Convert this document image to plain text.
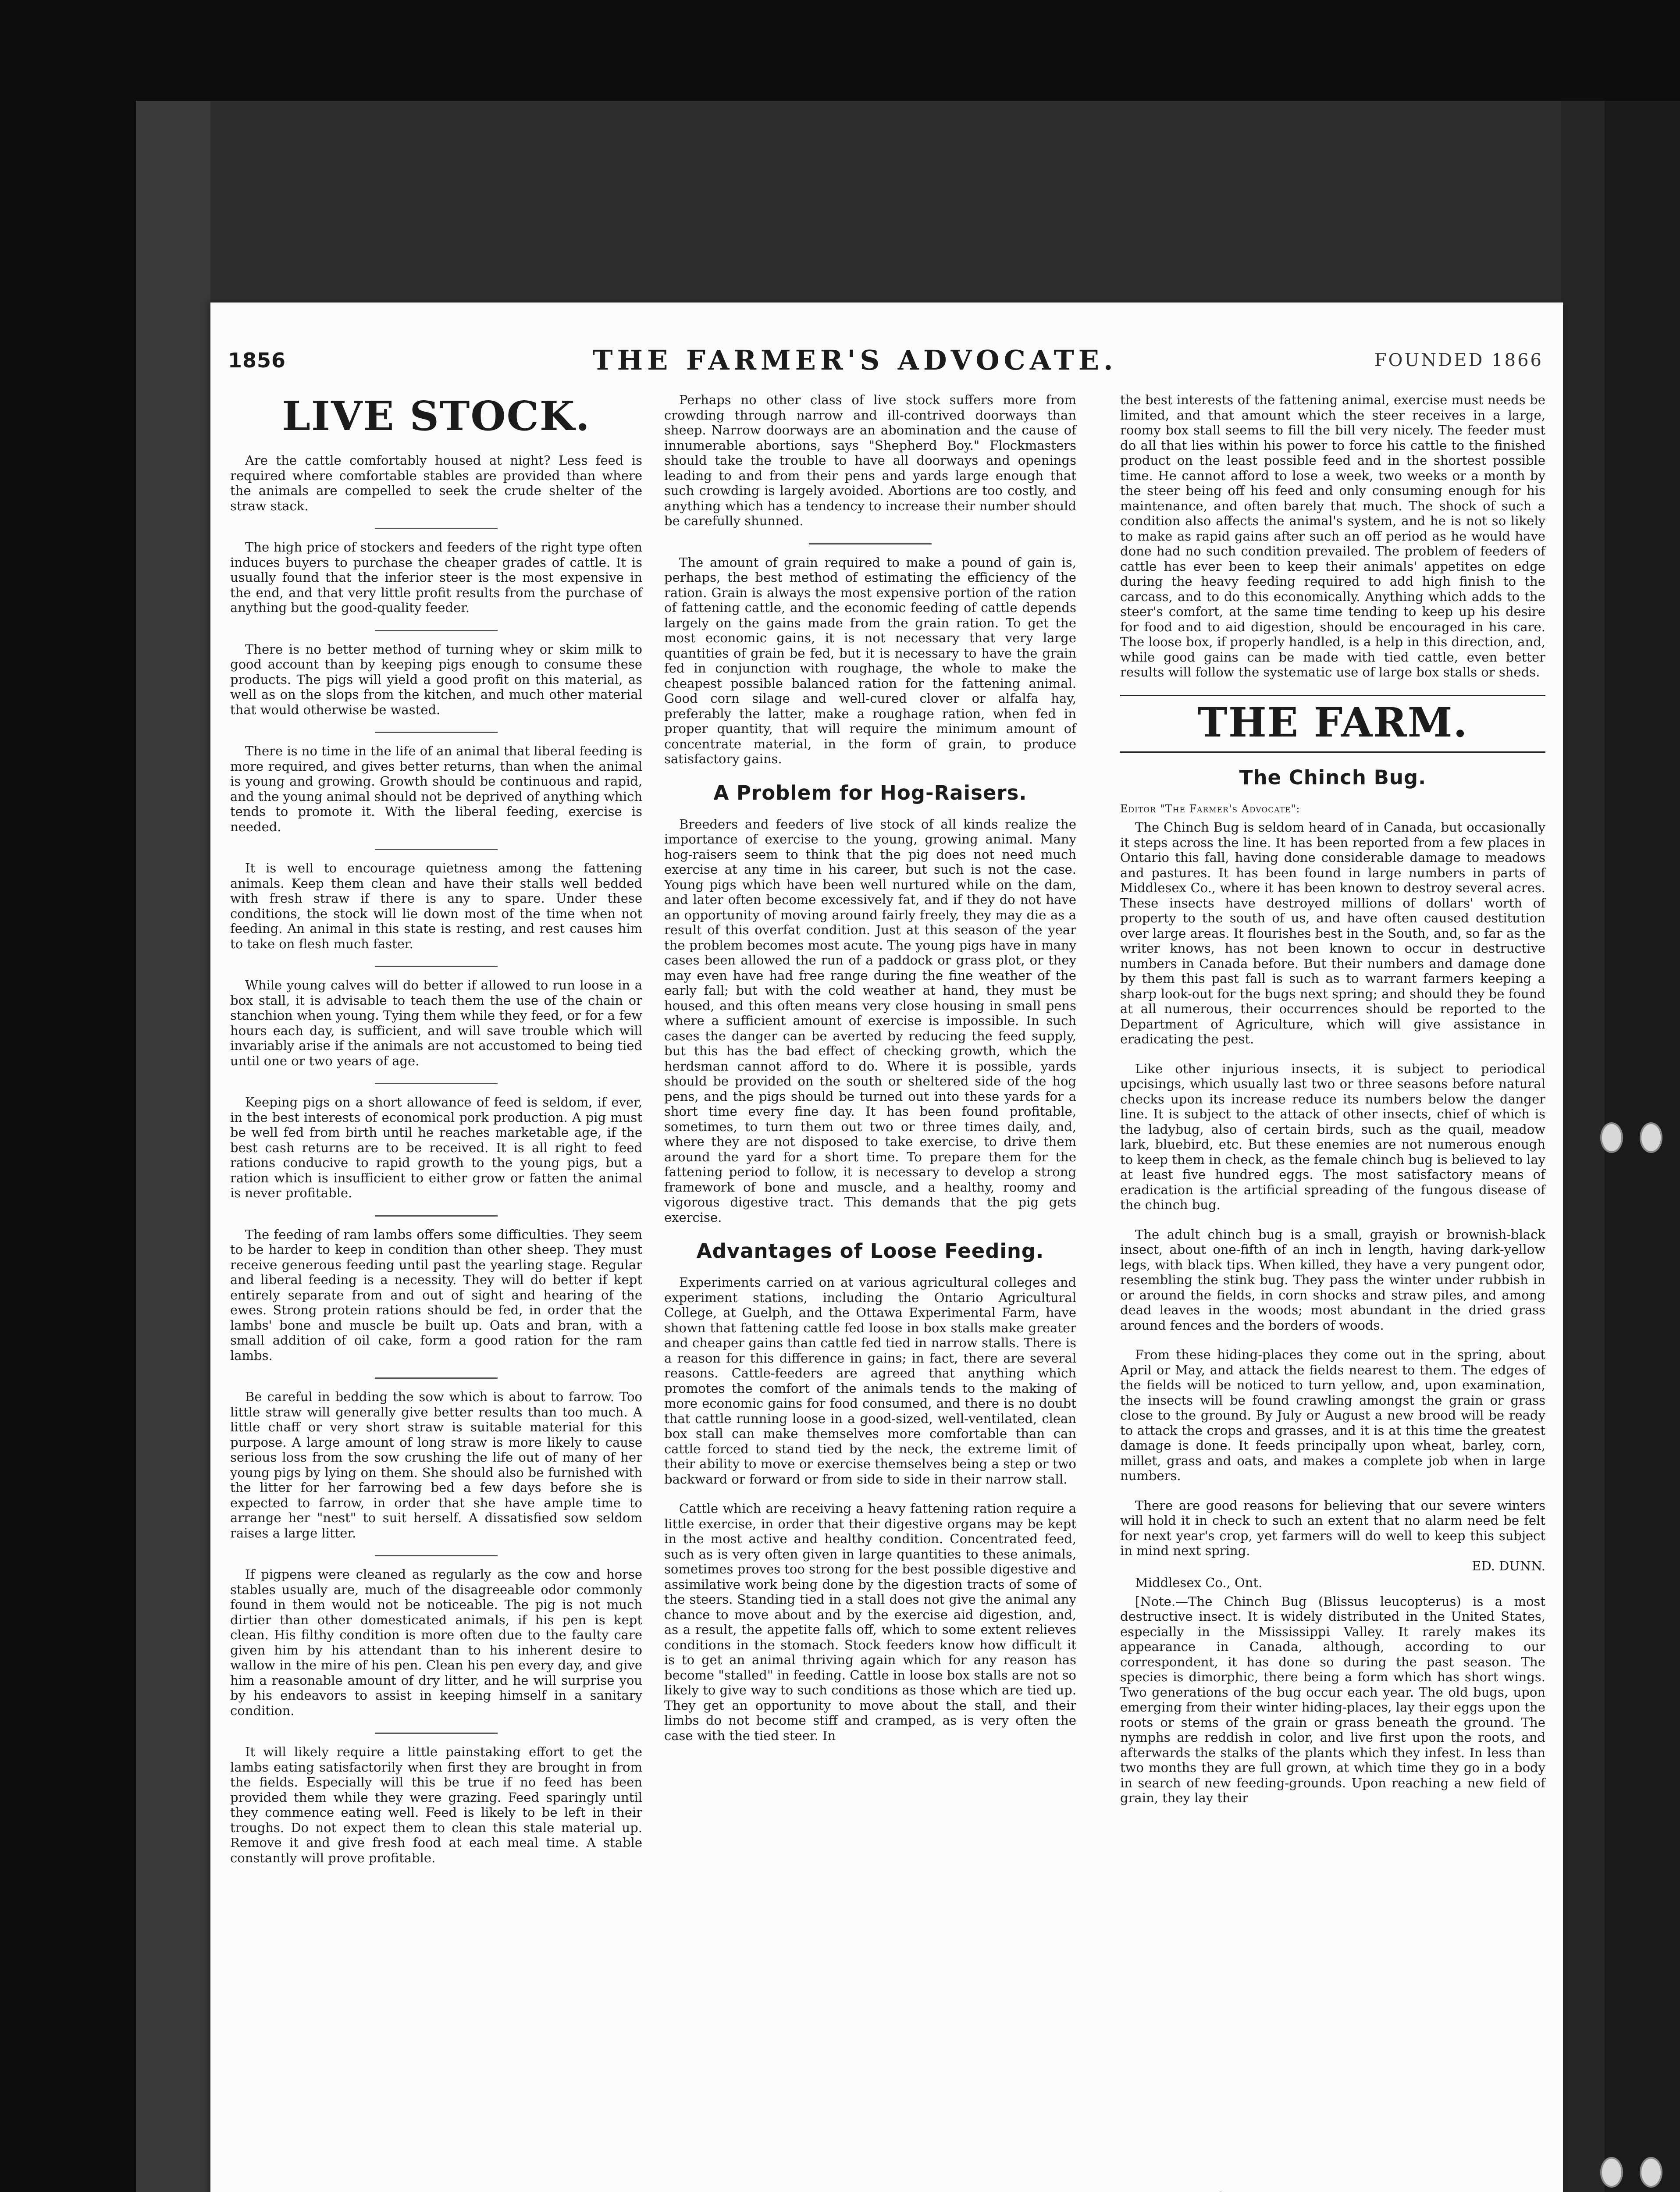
1856	THE FARMER'S ADVOCATE.	FOUNDED 1866
LIVE STOCK.

Are the cattle comfortably housed at night? Less feed is required where comfortable stables are provided than where the animals are compelled to seek the crude shelter of the straw stack.

The high price of stockers and feeders of the right type often induces buyers to purchase the cheaper grades of cattle. It is usually found that the inferior steer is the most expensive in the end, and that very little profit results from the purchase of anything but the good-quality feeder.

There is no better method of turning whey or skim milk to good account than by keeping pigs enough to consume these products. The pigs will yield a good profit on this material, as well as on the slops from the kitchen, and much other material that would otherwise be wasted.

There is no time in the life of an animal that liberal feeding is more required, and gives better returns, than when the animal is young and growing. Growth should be continuous and rapid, and the young animal should not be deprived of anything which tends to promote it. With the liberal feeding, exercise is needed.

It is well to encourage quietness among the fattening animals. Keep them clean and have their stalls well bedded with fresh straw if there is any to spare. Under these conditions, the stock will lie down most of the time when not feeding. An animal in this state is resting, and rest causes him to take on flesh much faster.

While young calves will do better if allowed to run loose in a box stall, it is advisable to teach them the use of the chain or stanchion when young. Tying them while they feed, or for a few hours each day, is sufficient, and will save trouble which will invariably arise if the animals are not accustomed to being tied until one or two years of age.

Keeping pigs on a short allowance of feed is seldom, if ever, in the best interests of economical pork production. A pig must be well fed from birth until he reaches marketable age, if the best cash returns are to be received. It is all right to feed rations conducive to rapid growth to the young pigs, but a ration which is insufficient to either grow or fatten the animal is never profitable.

The feeding of ram lambs offers some difficulties. They seem to be harder to keep in condition than other sheep. They must receive generous feeding until past the yearling stage. Regular and liberal feeding is a necessity. They will do better if kept entirely separate from and out of sight and hearing of the ewes. Strong protein rations should be fed, in order that the lambs' bone and muscle be built up. Oats and bran, with a small addition of oil cake, form a good ration for the ram lambs.

Be careful in bedding the sow which is about to farrow. Too little straw will generally give better results than too much. A little chaff or very short straw is suitable material for this purpose. A large amount of long straw is more likely to cause serious loss from the sow crushing the life out of many of her young pigs by lying on them. She should also be furnished with the litter for her farrowing bed a few days before she is expected to farrow, in order that she have ample time to arrange her "nest" to suit herself. A dissatisfied sow seldom raises a large litter.

If pigpens were cleaned as regularly as the cow and horse stables usually are, much of the disagreeable odor commonly found in them would not be noticeable. The pig is not much dirtier than other domesticated animals, if his pen is kept clean. His filthy condition is more often due to the faulty care given him by his attendant than to his inherent desire to wallow in the mire of his pen. Clean his pen every day, and give him a reasonable amount of dry litter, and he will surprise you by his endeavors to assist in keeping himself in a sanitary condition.

It will likely require a little painstaking effort to get the lambs eating satisfactorily when first they are brought in from the fields. Especially will this be true if no feed has been provided them while they were grazing. Feed sparingly until they commence eating well. Feed is likely to be left in their troughs. Do not expect them to clean this stale material up. Remove it and give fresh food at each meal time. A stable constantly will prove profitable.

Perhaps no other class of live stock suffers more from crowding through narrow and ill-contrived doorways than sheep. Narrow doorways are an abomination and the cause of innumerable abortions, says "Shepherd Boy." Flockmasters should take the trouble to have all doorways and openings leading to and from their pens and yards large enough that such crowding is largely avoided. Abortions are too costly, and anything which has a tendency to increase their number should be carefully shunned.

The amount of grain required to make a pound of gain is, perhaps, the best method of estimating the efficiency of the ration. Grain is always the most expensive portion of the ration of fattening cattle, and the economic feeding of cattle depends largely on the gains made from the grain ration. To get the most economic gains, it is not necessary that very large quantities of grain be fed, but it is necessary to have the grain fed in conjunction with roughage, the whole to make the cheapest possible balanced ration for the fattening animal. Good corn silage and well-cured clover or alfalfa hay, preferably the latter, make a roughage ration, when fed in proper quantity, that will require the minimum amount of concentrate material, in the form of grain, to produce satisfactory gains.

A Problem for Hog-Raisers.

Breeders and feeders of live stock of all kinds realize the importance of exercise to the young, growing animal. Many hog-raisers seem to think that the pig does not need much exercise at any time in his career, but such is not the case. Young pigs which have been well nurtured while on the dam, and later often become excessively fat, and if they do not have an opportunity of moving around fairly freely, they may die as a result of this overfat condition. Just at this season of the year the problem becomes most acute. The young pigs have in many cases been allowed the run of a paddock or grass plot, or they may even have had free range during the fine weather of the early fall; but with the cold weather at hand, they must be housed, and this often means very close housing in small pens where a sufficient amount of exercise is impossible. In such cases the danger can be averted by reducing the feed supply, but this has the bad effect of checking growth, which the herdsman cannot afford to do. Where it is possible, yards should be provided on the south or sheltered side of the hog pens, and the pigs should be turned out into these yards for a short time every fine day. It has been found profitable, sometimes, to turn them out two or three times daily, and, where they are not disposed to take exercise, to drive them around the yard for a short time. To prepare them for the fattening period to follow, it is necessary to develop a strong framework of bone and muscle, and a healthy, roomy and vigorous digestive tract. This demands that the pig gets exercise.

Advantages of Loose Feeding.

Experiments carried on at various agricultural colleges and experiment stations, including the Ontario Agricultural College, at Guelph, and the Ottawa Experimental Farm, have shown that fattening cattle fed loose in box stalls make greater and cheaper gains than cattle fed tied in narrow stalls. There is a reason for this difference in gains; in fact, there are several reasons. Cattle-feeders are agreed that anything which promotes the comfort of the animals tends to the making of more economic gains for food consumed, and there is no doubt that cattle running loose in a good-sized, well-ventilated, clean box stall can make themselves more comfortable than can cattle forced to stand tied by the neck, the extreme limit of their ability to move or exercise themselves being a step or two backward or forward or from side to side in their narrow stall.

Cattle which are receiving a heavy fattening ration require a little exercise, in order that their digestive organs may be kept in the most active and healthy condition. Concentrated feed, such as is very often given in large quantities to these animals, sometimes proves too strong for the best possible digestive and assimilative work being done by the digestion tracts of some of the steers. Standing tied in a stall does not give the animal any chance to move about and by the exercise aid digestion, and, as a result, the appetite falls off, which to some extent relieves conditions in the stomach. Stock feeders know how difficult it is to get an animal thriving again which for any reason has become "stalled" in feeding. Cattle in loose box stalls are not so likely to give way to such conditions as those which are tied up. They get an opportunity to move about the stall, and their limbs do not become stiff and cramped, as is very often the case with the tied steer. In

the best interests of the fattening animal, exercise must needs be limited, and that amount which the steer receives in a large, roomy box stall seems to fill the bill very nicely. The feeder must do all that lies within his power to force his cattle to the finished product on the least possible feed and in the shortest possible time. He cannot afford to lose a week, two weeks or a month by the steer being off his feed and only consuming enough for his maintenance, and often barely that much. The shock of such a condition also affects the animal's system, and he is not so likely to make as rapid gains after such an off period as he would have done had no such condition prevailed. The problem of feeders of cattle has ever been to keep their animals' appetites on edge during the heavy feeding required to add high finish to the carcass, and to do this economically. Anything which adds to the steer's comfort, at the same time tending to keep up his desire for food and to aid digestion, should be encouraged in his care. The loose box, if properly handled, is a help in this direction, and, while good gains can be made with tied cattle, even better results will follow the systematic use of large box stalls or sheds.

THE FARM.
The Chinch Bug.
Editor "The Farmer's Advocate":

The Chinch Bug is seldom heard of in Canada, but occasionally it steps across the line. It has been reported from a few places in Ontario this fall, having done considerable damage to meadows and pastures. It has been found in large numbers in parts of Middlesex Co., where it has been known to destroy several acres. These insects have destroyed millions of dollars' worth of property to the south of us, and have often caused destitution over large areas. It flourishes best in the South, and, so far as the writer knows, has not been known to occur in destructive numbers in Canada before. But their numbers and damage done by them this past fall is such as to warrant farmers keeping a sharp look-out for the bugs next spring; and should they be found at all numerous, their occurrences should be reported to the Department of Agriculture, which will give assistance in eradicating the pest.

Like other injurious insects, it is subject to periodical upcisings, which usually last two or three seasons before natural checks upon its increase reduce its numbers below the danger line. It is subject to the attack of other insects, chief of which is the ladybug, also of certain birds, such as the quail, meadow lark, bluebird, etc. But these enemies are not numerous enough to keep them in check, as the female chinch bug is believed to lay at least five hundred eggs. The most satisfactory means of eradication is the artificial spreading of the fungous disease of the chinch bug.

The adult chinch bug is a small, grayish or brownish-black insect, about one-fifth of an inch in length, having dark-yellow legs, with black tips. When killed, they have a very pungent odor, resembling the stink bug. They pass the winter under rubbish in or around the fields, in corn shocks and straw piles, and among dead leaves in the woods; most abundant in the dried grass around fences and the borders of woods.

From these hiding-places they come out in the spring, about April or May, and attack the fields nearest to them. The edges of the fields will be noticed to turn yellow, and, upon examination, the insects will be found crawling amongst the grain or grass close to the ground. By July or August a new brood will be ready to attack the crops and grasses, and it is at this time the greatest damage is done. It feeds principally upon wheat, barley, corn, millet, grass and oats, and makes a complete job when in large numbers.

There are good reasons for believing that our severe winters will hold it in check to such an extent that no alarm need be felt for next year's crop, yet farmers will do well to keep this subject in mind next spring.

ED. DUNN.
Middlesex Co., Ont.

[Note.—The Chinch Bug (Blissus leucopterus) is a most destructive insect. It is widely distributed in the United States, especially in the Mississippi Valley. It rarely makes its appearance in Canada, although, according to our correspondent, it has done so during the past season. The species is dimorphic, there being a form which has short wings. Two generations of the bug occur each year. The old bugs, upon emerging from their winter hiding-places, lay their eggs upon the roots or stems of the grain or grass beneath the ground. The nymphs are reddish in color, and live first upon the roots, and afterwards the stalks of the plants which they infest. In less than two months they are full grown, at which time they go in a body in search of new feeding-grounds. Upon reaching a new field of grain, they lay their
